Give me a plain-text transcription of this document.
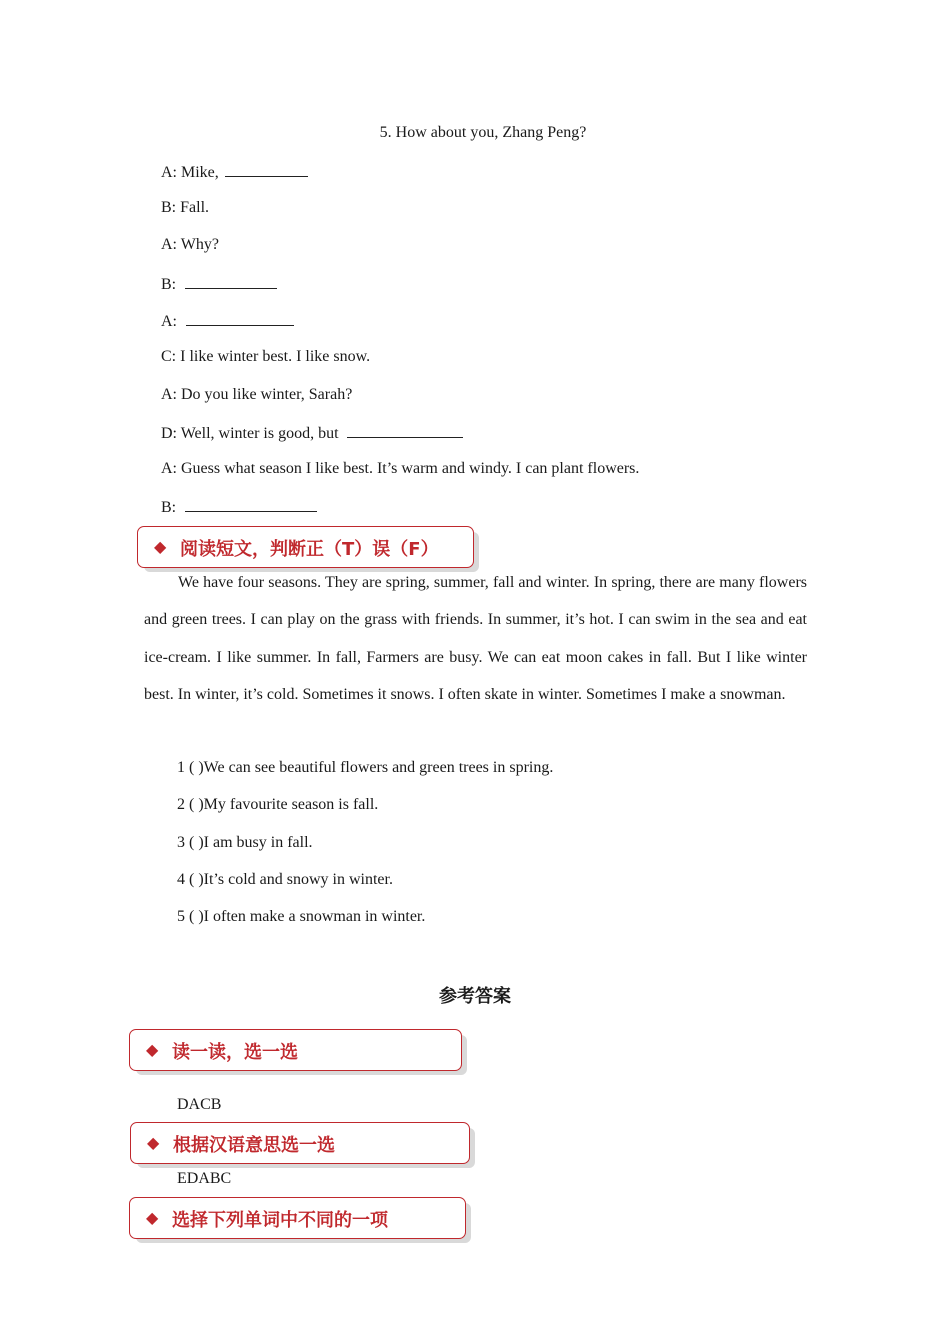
5. How about you, Zhang Peng?
A: Mike,
B: Fall.
A: Why?
B:
A:
C: I like winter best. I like snow.
A: Do you like winter, Sarah?
D: Well, winter is good, but
A: Guess what season I like best. It’s warm and windy. I can plant flowers.
B:
◆ 阅读短文，判断正（T）误（F）
We have four seasons. They are spring, summer, fall and winter. In spring, there are many flowers and green trees. I can play on the grass with friends. In summer, it’s hot. I can swim in the sea and eat ice-cream. I like summer. In fall, Farmers are busy. We can eat moon cakes in fall. But I like winter best. In winter, it’s cold. Sometimes it snows. I often skate in winter. Sometimes I make a snowman.
1 ( )We can see beautiful flowers and green trees in spring.
2 ( )My favourite season is fall.
3 ( )I am busy in fall.
4 ( )It’s cold and snowy in winter.
5 ( )I often make a snowman in winter.
参考答案
◆ 读一读，选一选
DACB
◆ 根据汉语意思选一选
EDABC
◆ 选择下列单词中不同的一项
